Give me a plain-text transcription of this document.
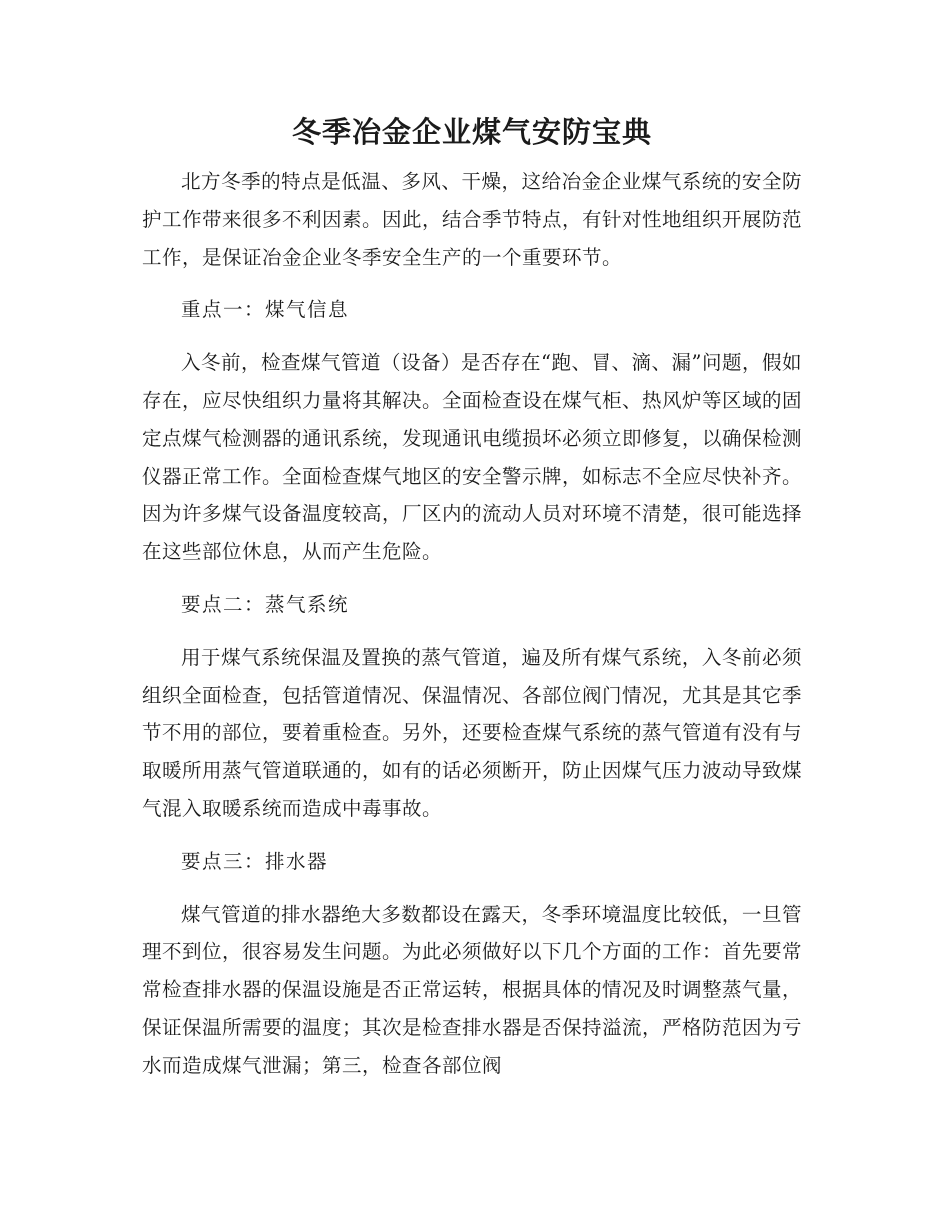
冬季冶金企业煤气安防宝典

北方冬季的特点是低温、多风、干燥，这给冶金企业煤气系统的安全防护工作带来很多不利因素。因此，结合季节特点，有针对性地组织开展防范工作，是保证冶金企业冬季安全生产的一个重要环节。

重点一：煤气信息

入冬前，检查煤气管道（设备）是否存在“跑、冒、滴、漏”问题，假如存在，应尽快组织力量将其解决。全面检查设在煤气柜、热风炉等区域的固定点煤气检测器的通讯系统，发现通讯电缆损坏必须立即修复，以确保检测仪器正常工作。全面检查煤气地区的安全警示牌，如标志不全应尽快补齐。因为许多煤气设备温度较高，厂区内的流动人员对环境不清楚，很可能选择在这些部位休息，从而产生危险。

要点二：蒸气系统

用于煤气系统保温及置换的蒸气管道，遍及所有煤气系统，入冬前必须组织全面检查，包括管道情况、保温情况、各部位阀门情况，尤其是其它季节不用的部位，要着重检查。另外，还要检查煤气系统的蒸气管道有没有与取暖所用蒸气管道联通的，如有的话必须断开，防止因煤气压力波动导致煤气混入取暖系统而造成中毒事故。

要点三：排水器

煤气管道的排水器绝大多数都设在露天，冬季环境温度比较低，一旦管理不到位，很容易发生问题。为此必须做好以下几个方面的工作：首先要常常检查排水器的保温设施是否正常运转，根据具体的情况及时调整蒸气量，保证保温所需要的温度；其次是检查排水器是否保持溢流，严格防范因为亏水而造成煤气泄漏；第三，检查各部位阀
